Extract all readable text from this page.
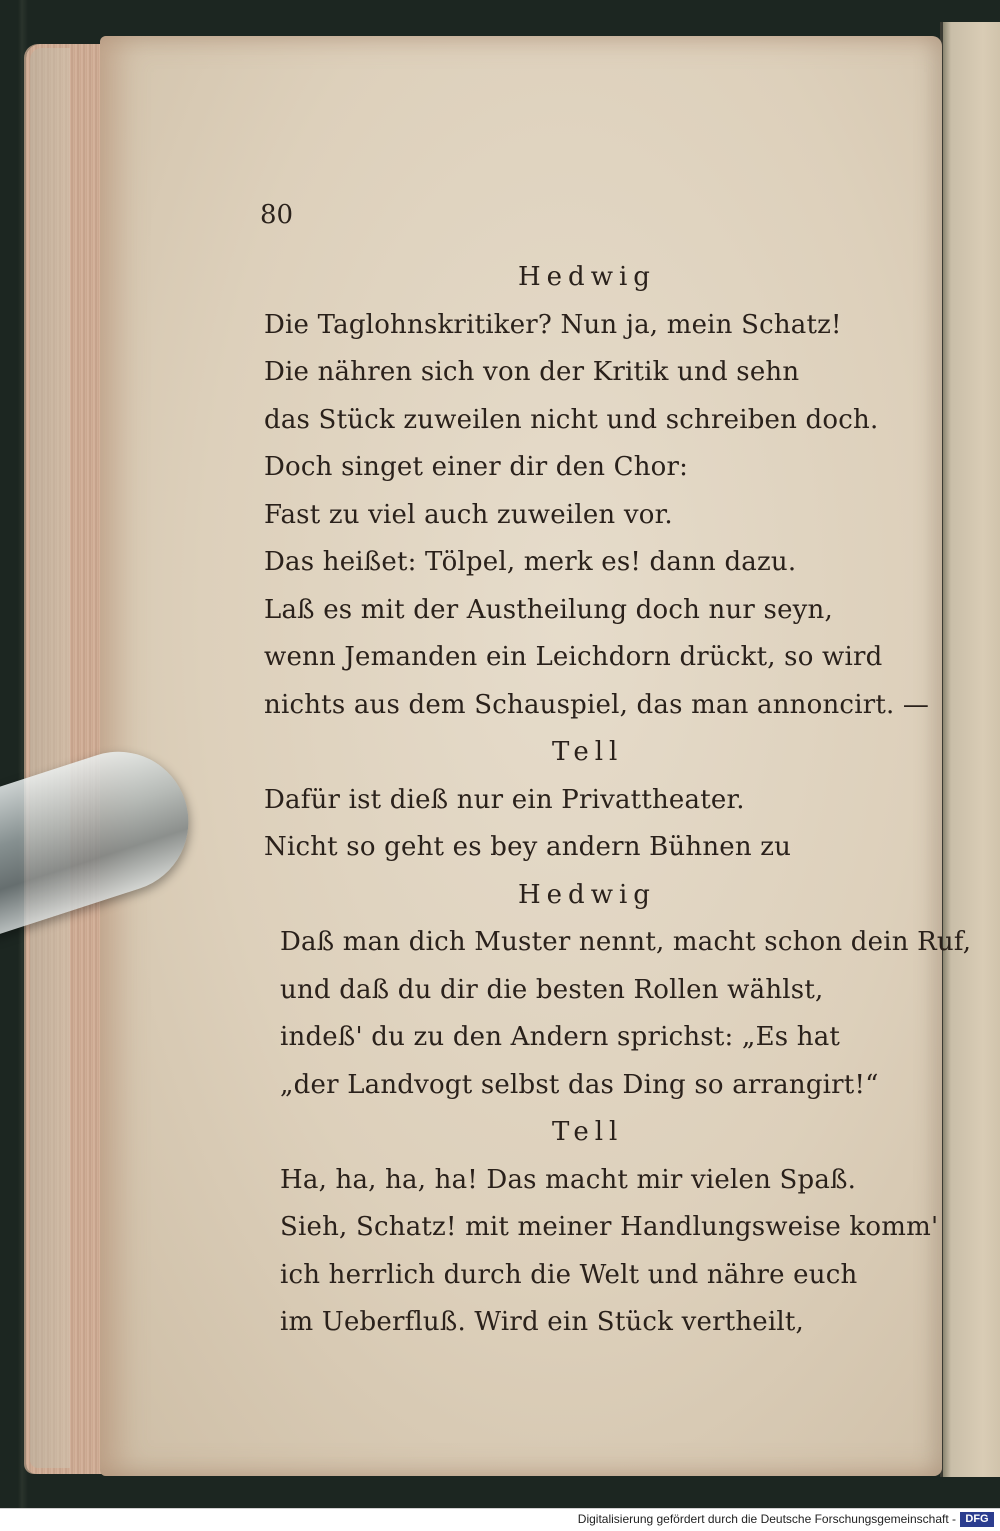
80
Hedwig
Die Taglohnskritiker? Nun ja, mein Schatz!
Die nähren sich von der Kritik und sehn
das Stück zuweilen nicht und schreiben doch.
Doch singet einer dir den Chor:
Fast zu viel auch zuweilen vor.
Das heißet: Tölpel, merk es! dann dazu.
Laß es mit der Austheilung doch nur seyn,
wenn Jemanden ein Leichdorn drückt, so wird
nichts aus dem Schauspiel, das man annoncirt. —
Tell
Dafür ist dieß nur ein Privattheater.
Nicht so geht es bey andern Bühnen zu
Hedwig
Daß man dich Muster nennt, macht schon dein Ruf,
und daß du dir die besten Rollen wählst,
indeß' du zu den Andern sprichst: „Es hat
„der Landvogt selbst das Ding so arrangirt!“
Tell
Ha, ha, ha, ha! Das macht mir vielen Spaß.
Sieh, Schatz! mit meiner Handlungsweise komm'
ich herrlich durch die Welt und nähre euch
im Ueberfluß. Wird ein Stück vertheilt,
Digitalisierung gefördert durch die Deutsche Forschungsgemeinschaft - DFG
